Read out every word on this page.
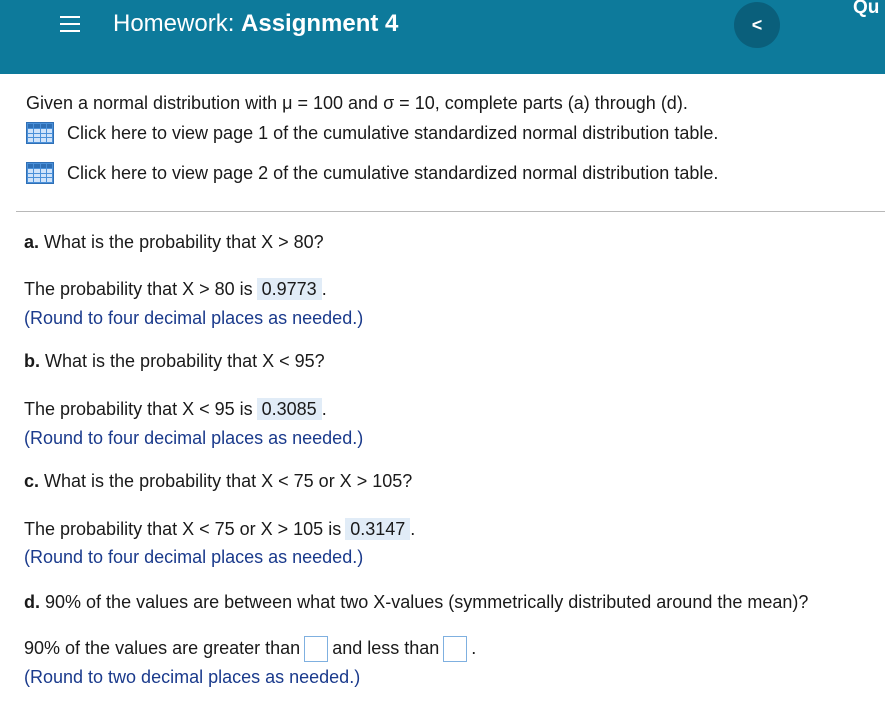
Homework: Assignment 4	<
Qu
Given a normal distribution with μ = 100 and σ = 10, complete parts (a) through (d).
Click here to view page 1 of the cumulative standardized normal distribution table.
Click here to view page 2 of the cumulative standardized normal distribution table.
a. What is the probability that X > 80?
The probability that X > 80 is 0.9773 .
(Round to four decimal places as needed.)
b. What is the probability that X < 95?
The probability that X < 95 is 0.3085 .
(Round to four decimal places as needed.)
c. What is the probability that X < 75 or X > 105?
The probability that X < 75 or X > 105 is 0.3147 .
(Round to four decimal places as needed.)
d. 90% of the values are between what two X-values (symmetrically distributed around the mean)?
90% of the values are greater than and less than .
(Round to two decimal places as needed.)
